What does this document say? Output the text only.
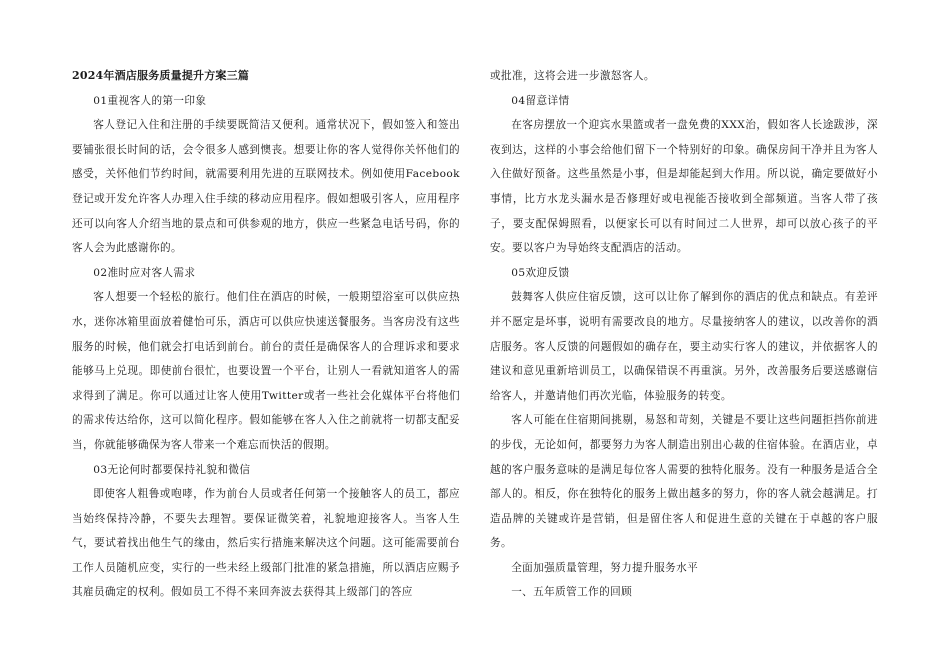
2024年酒店服务质量提升方案三篇

01重视客人的第一印象

客人登记入住和注册的手续要既简洁又便利。通常状况下，假如签入和签出要铺张很长时间的话，会令很多人感到懊丧。想要让你的客人觉得你关怀他们的感受，关怀他们节约时间，就需要利用先进的互联网技术。例如使用Facebook登记或开发允许客人办理入住手续的移动应用程序。假如想吸引客人，应用程序还可以向客人介绍当地的景点和可供参观的地方，供应一些紧急电话号码，你的客人会为此感谢你的。

02准时应对客人需求

客人想要一个轻松的旅行。他们住在酒店的时候，一般期望浴室可以供应热水，迷你冰箱里面放着健怡可乐，酒店可以供应快速送餐服务。当客房没有这些服务的时候，他们就会打电话到前台。前台的责任是确保客人的合理诉求和要求能够马上兑现。即使前台很忙，也要设置一个平台，让别人一看就知道客人的需求得到了满足。你可以通过让客人使用Twitter或者一些社会化媒体平台将他们的需求传达给你，这可以简化程序。假如能够在客人入住之前就将一切都支配妥当，你就能够确保为客人带来一个难忘而快活的假期。

03无论何时都要保持礼貌和微信

即使客人粗鲁或咆哮，作为前台人员或者任何第一个接触客人的员工，都应当始终保持冷静，不要失去理智。要保证微笑着，礼貌地迎接客人。当客人生气，要试着找出他生气的缘由，然后实行措施来解决这个问题。这可能需要前台工作人员随机应变，实行的一些未经上级部门批准的紧急措施，所以酒店应赐予其雇员确定的权利。假如员工不得不来回奔波去获得其上级部门的答应

或批准，这将会进一步激怒客人。

04留意详情

在客房摆放一个迎宾水果篮或者一盘免费的XXX治，假如客人长途跋涉，深夜到达，这样的小事会给他们留下一个特别好的印象。确保房间干净并且为客人入住做好预备。这些虽然是小事，但是却能起到大作用。所以说，确定要做好小事情，比方水龙头漏水是否修理好或电视能否接收到全部频道。当客人带了孩子，要支配保姆照看，以便家长可以有时间过二人世界，却可以放心孩子的平安。要以客户为导始终支配酒店的活动。

05欢迎反馈

鼓舞客人供应住宿反馈，这可以让你了解到你的酒店的优点和缺点。有差评并不愿定是坏事，说明有需要改良的地方。尽量接纳客人的建议，以改善你的酒店服务。客人反馈的问题假如的确存在，要主动实行客人的建议，并依据客人的建议和意见重新培训员工，以确保错误不再重演。另外，改善服务后要送感谢信给客人，并邀请他们再次光临，体验服务的转变。

客人可能在住宿期间挑剔，易怒和苛刻，关键是不要让这些问题拒挡你前进的步伐，无论如何，都要努力为客人制造出别出心裁的住宿体验。在酒店业，卓越的客户服务意味的是满足每位客人需要的独特化服务。没有一种服务是适合全部人的。相反，你在独特化的服务上做出越多的努力，你的客人就会越满足。打造品牌的关键或许是营销，但是留住客人和促进生意的关键在于卓越的客户服务。

全面加强质量管理，努力提升服务水平

一、五年质管工作的回顾
